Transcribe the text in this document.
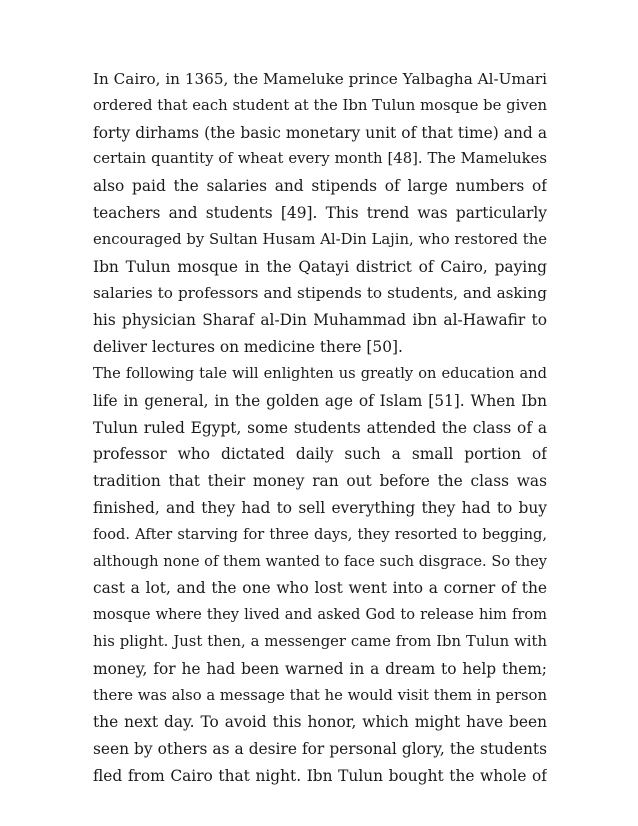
In Cairo, in 1365, the Mameluke prince Yalbagha Al-Umari
ordered that each student at the Ibn Tulun mosque be given
forty dirhams (the basic monetary unit of that time) and a
certain quantity of wheat every month [48]. The Mamelukes
also paid the salaries and stipends of large numbers of
teachers and students [49]. This trend was particularly
encouraged by Sultan Husam Al-Din Lajin, who restored the
Ibn Tulun mosque in the Qatayi district of Cairo, paying
salaries to professors and stipends to students, and asking
his physician Sharaf al-Din Muhammad ibn al-Hawafir to
deliver lectures on medicine there [50].
The following tale will enlighten us greatly on education and
life in general, in the golden age of Islam [51]. When Ibn
Tulun ruled Egypt, some students attended the class of a
professor who dictated daily such a small portion of
tradition that their money ran out before the class was
finished, and they had to sell everything they had to buy
food. After starving for three days, they resorted to begging,
although none of them wanted to face such disgrace. So they
cast a lot, and the one who lost went into a corner of the
mosque where they lived and asked God to release him from
his plight. Just then, a messenger came from Ibn Tulun with
money, for he had been warned in a dream to help them;
there was also a message that he would visit them in person
the next day. To avoid this honor, which might have been
seen by others as a desire for personal glory, the students
fled from Cairo that night. Ibn Tulun bought the whole of
